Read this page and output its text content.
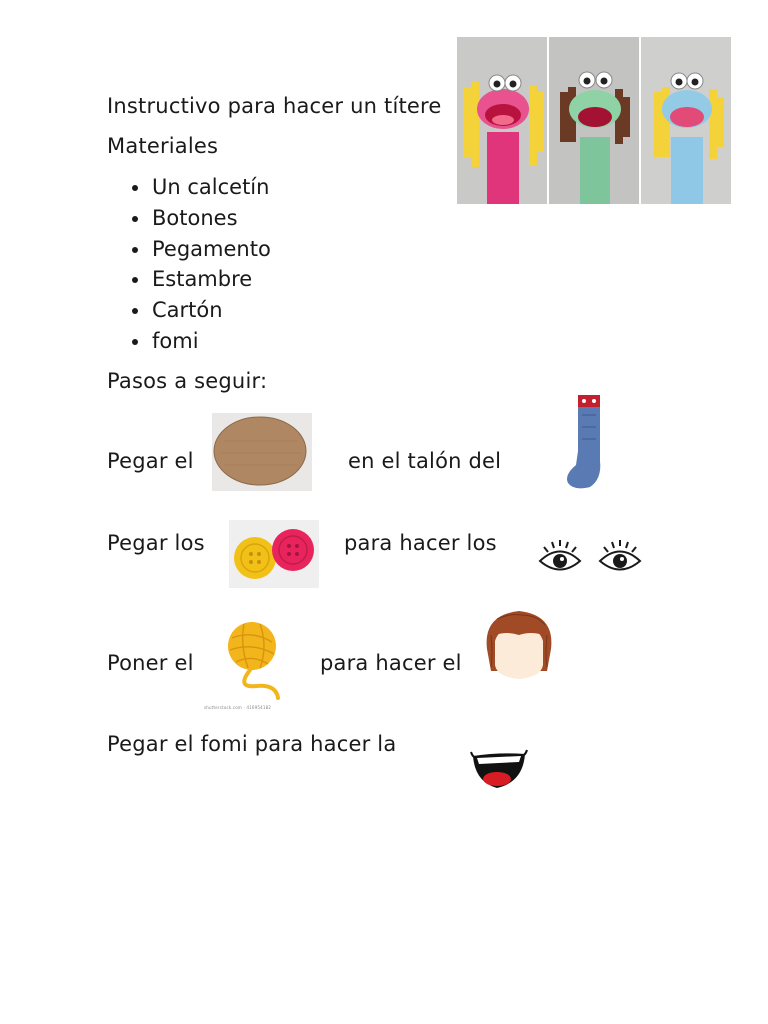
Instructivo para hacer un títere
Materiales
Un calcetín
Botones
Pegamento
Estambre
Cartón
fomi
Pasos a seguir:
Pegar el	en el talón del
Pegar los	para hacer los
Poner el
shutterstock.com · 416954182
para hacer el
Pegar el fomi para hacer la
